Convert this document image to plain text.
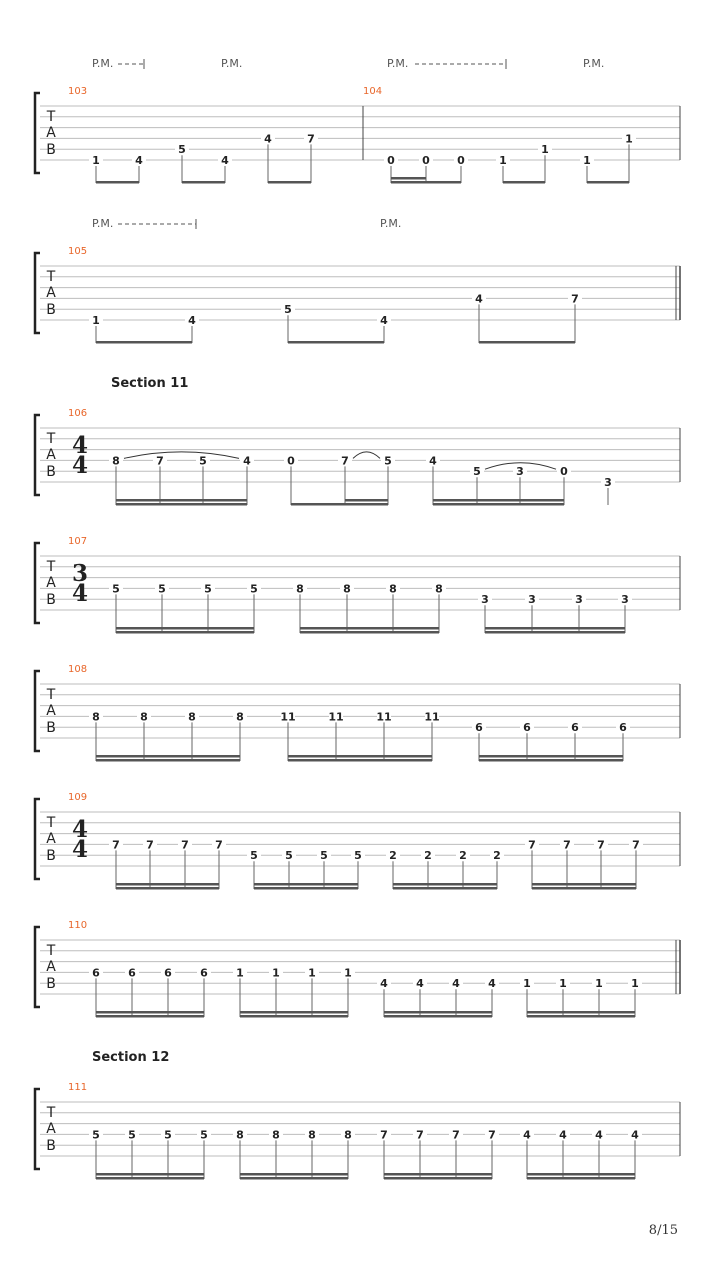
8/15
T
A
B
103
P.M.	P.M.
1	4
5
4
4	7
104
P.M.	P.M.
0 0 0	1
1
1
1
T
A
B
105
P.M.	P.M.
1	4
5
4
4	7
Section 11
T
A
B
106
4
4 8	7	5	4	0	7	5	4
5	3	0
3
T
A
B
107
3
4 5	5	5	5	8	8	8	8
3	3	3	3
T
A
B
108
8	8	8	8	11	11	11	11
6	6	6	6
T
A
B
109
4
4 7 7 7 7
5 5 5 5 2 2 2 2
7 7 7 7
T
A
B
110
6	6	6	6	1	1	1	1
4	4	4	4 1	1	1	1
Section 12
T
A
B
111
5	5	5	5	8	8	8	8	7	7	7	7 4	4	4	4
